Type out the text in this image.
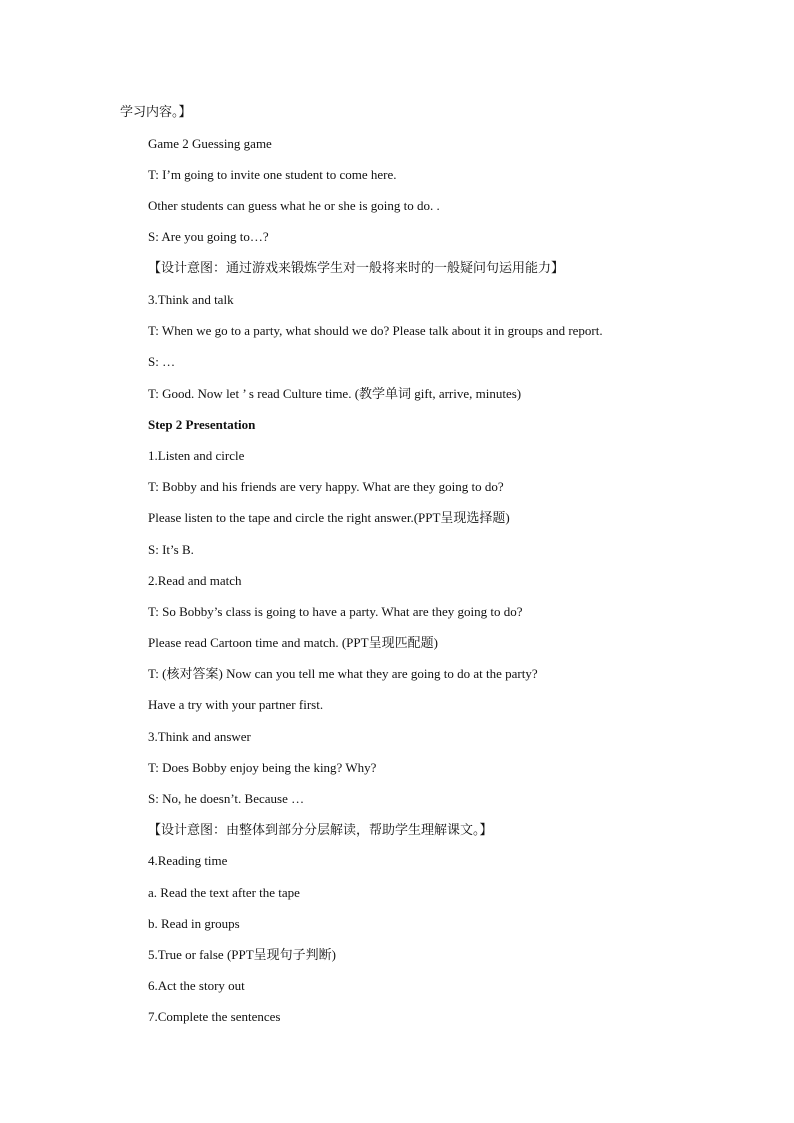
学习内容。】
Game 2 Guessing game
T: I’m going to invite one student to come here.
Other students can guess what he or she is going to do. .
S: Are you going to…?
【设计意图：通过游戏来锻炼学生对一般将来时的一般疑问句运用能力】
3.Think and talk
T: When we go to a party, what should we do? Please talk about it in groups and report.
S: …
T: Good. Now let ’ s read Culture time. (教学单词 gift, arrive, minutes)
Step 2 Presentation
1.Listen and circle
T: Bobby and his friends are very happy. What are they going to do?
Please listen to the tape and circle the right answer.(PPT呈现选择题)
S: It’s B.
2.Read and match
T: So Bobby’s class is going to have a party. What are they going to do?
Please read Cartoon time and match. (PPT呈现匹配题)
T: (核对答案) Now can you tell me what they are going to do at the party?
Have a try with your partner first.
3.Think and answer
T: Does Bobby enjoy being the king? Why?
S: No, he doesn’t. Because …
【设计意图：由整体到部分分层解读，帮助学生理解课文。】
4.Reading time
a. Read the text after the tape
b. Read in groups
5.True or false (PPT呈现句子判断)
6.Act the story out
7.Complete the sentences
